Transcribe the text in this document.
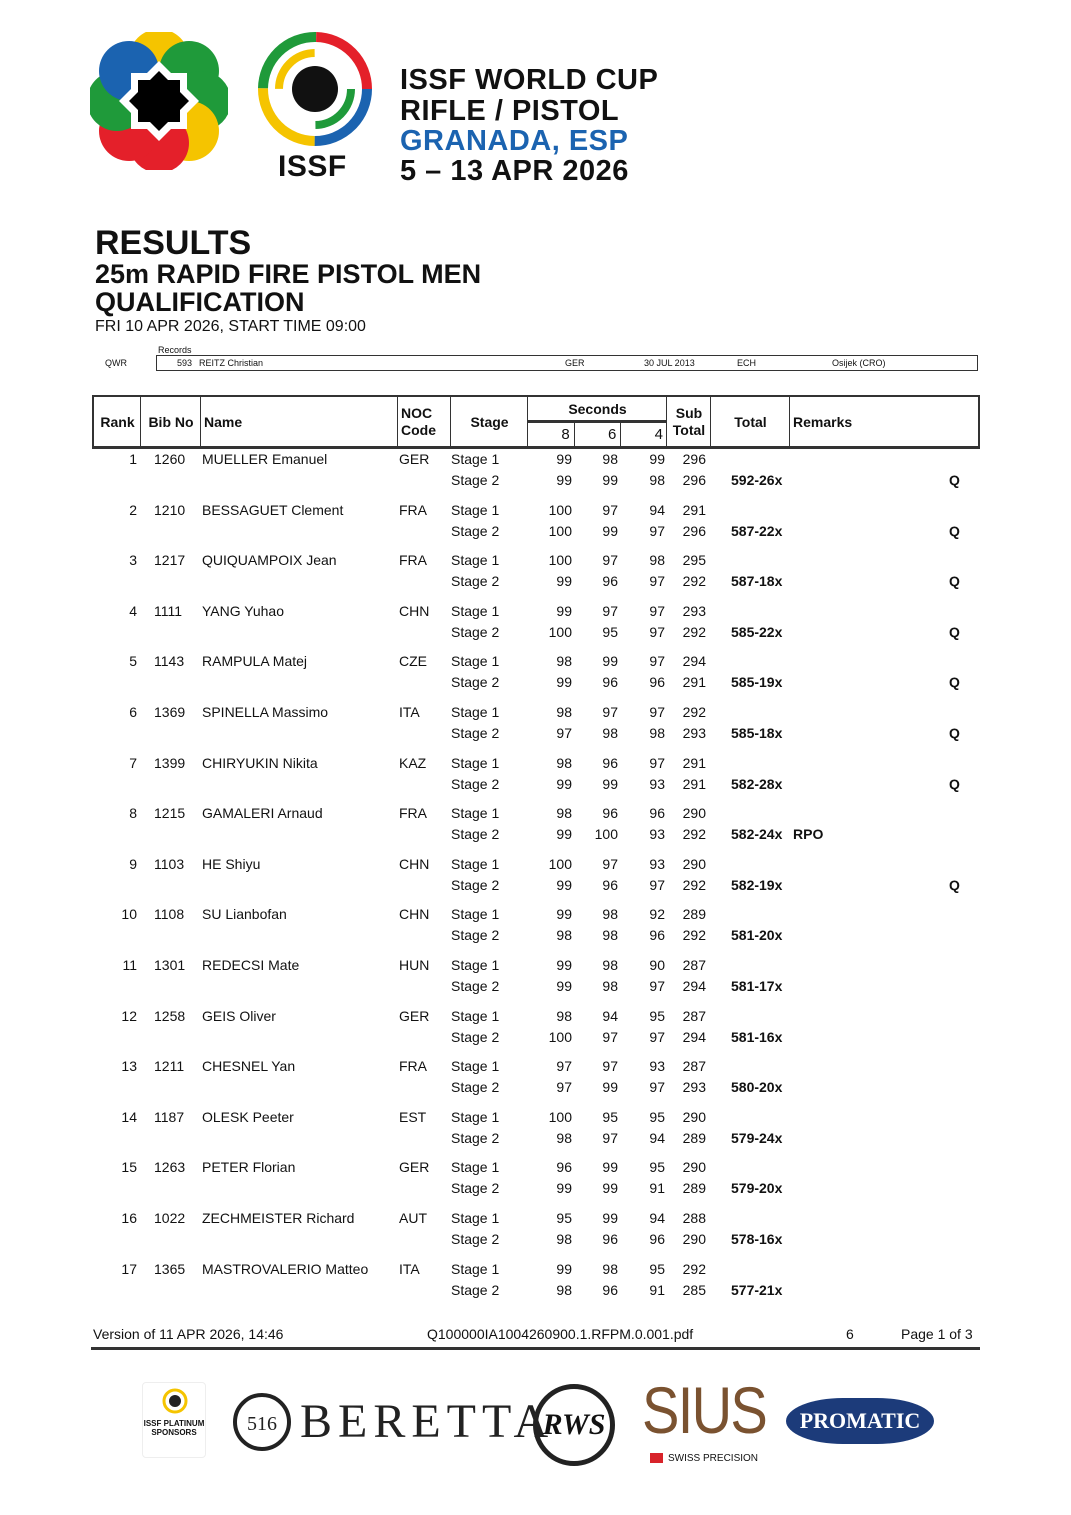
ISSF
ISSF WORLD CUP
RIFLE / PISTOL
GRANADA, ESP
5 – 13 APR 2026
RESULTS
25m RAPID FIRE PISTOL MEN
QUALIFICATION
FRI 10 APR 2026, START TIME 09:00
Records
QWR	593 REITZ Christian	GER	30 JUL 2013	ECH	Osijek (CRO)
Rank Bib No Name
NOC Code	Stage
Seconds
8	6	4
Sub Total	Total	Remarks
1 1260 MUELLER Emanuel	GER Stage 1	99 98 99 296
Stage 2	99 99 98 296 592-26x	Q
2 1210 BESSAGUET Clement	FRA Stage 1	100 97 94 291
Stage 2	100 99 97 296 587-22x	Q
3 1217 QUIQUAMPOIX Jean	FRA Stage 1	100 97 98 295
Stage 2	99 96 97 292 587-18x	Q
4 1111 YANG Yuhao	CHN Stage 1	99 97 97 293
Stage 2	100 95 97 292 585-22x	Q
5 1143 RAMPULA Matej	CZE Stage 1	98 99 97 294
Stage 2	99 96 96 291 585-19x	Q
6 1369 SPINELLA Massimo	ITA Stage 1	98 97 97 292
Stage 2	97 98 98 293 585-18x	Q
7 1399 CHIRYUKIN Nikita	KAZ Stage 1	98 96 97 291
Stage 2	99 99 93 291 582-28x	Q
8 1215 GAMALERI Arnaud	FRA Stage 1	98 96 96 290
Stage 2	99 100 93 292 582-24x RPO
9 1103 HE Shiyu	CHN Stage 1	100 97 93 290
Stage 2	99 96 97 292 582-19x	Q
10 1108 SU Lianbofan	CHN Stage 1	99 98 92 289
Stage 2	98 98 96 292 581-20x
11 1301 REDECSI Mate	HUN Stage 1	99 98 90 287
Stage 2	99 98 97 294 581-17x
12 1258 GEIS Oliver	GER Stage 1	98 94 95 287
Stage 2	100 97 97 294 581-16x
13 1211 CHESNEL Yan	FRA Stage 1	97 97 93 287
Stage 2	97 99 97 293 580-20x
14 1187 OLESK Peeter	EST Stage 1	100 95 95 290
Stage 2	98 97 94 289 579-24x
15 1263 PETER Florian	GER Stage 1	96 99 95 290
Stage 2	99 99 91 289 579-20x
16 1022 ZECHMEISTER Richard	AUT Stage 1	95 99 94 288
Stage 2	98 96 96 290 578-16x
17 1365 MASTROVALERIO Matteo ITA Stage 1	99 98 95 292
Stage 2	98 96 91 285 577-21x
Version of 11 APR 2026, 14:46	Q100000IA1004260900.1.RFPM.0.001.pdf	6	Page 1 of 3
ISSF PLATINUM SPONSORS	516 BERETTA
RWS SIUS
SWISS PRECISION
PROMATIC
